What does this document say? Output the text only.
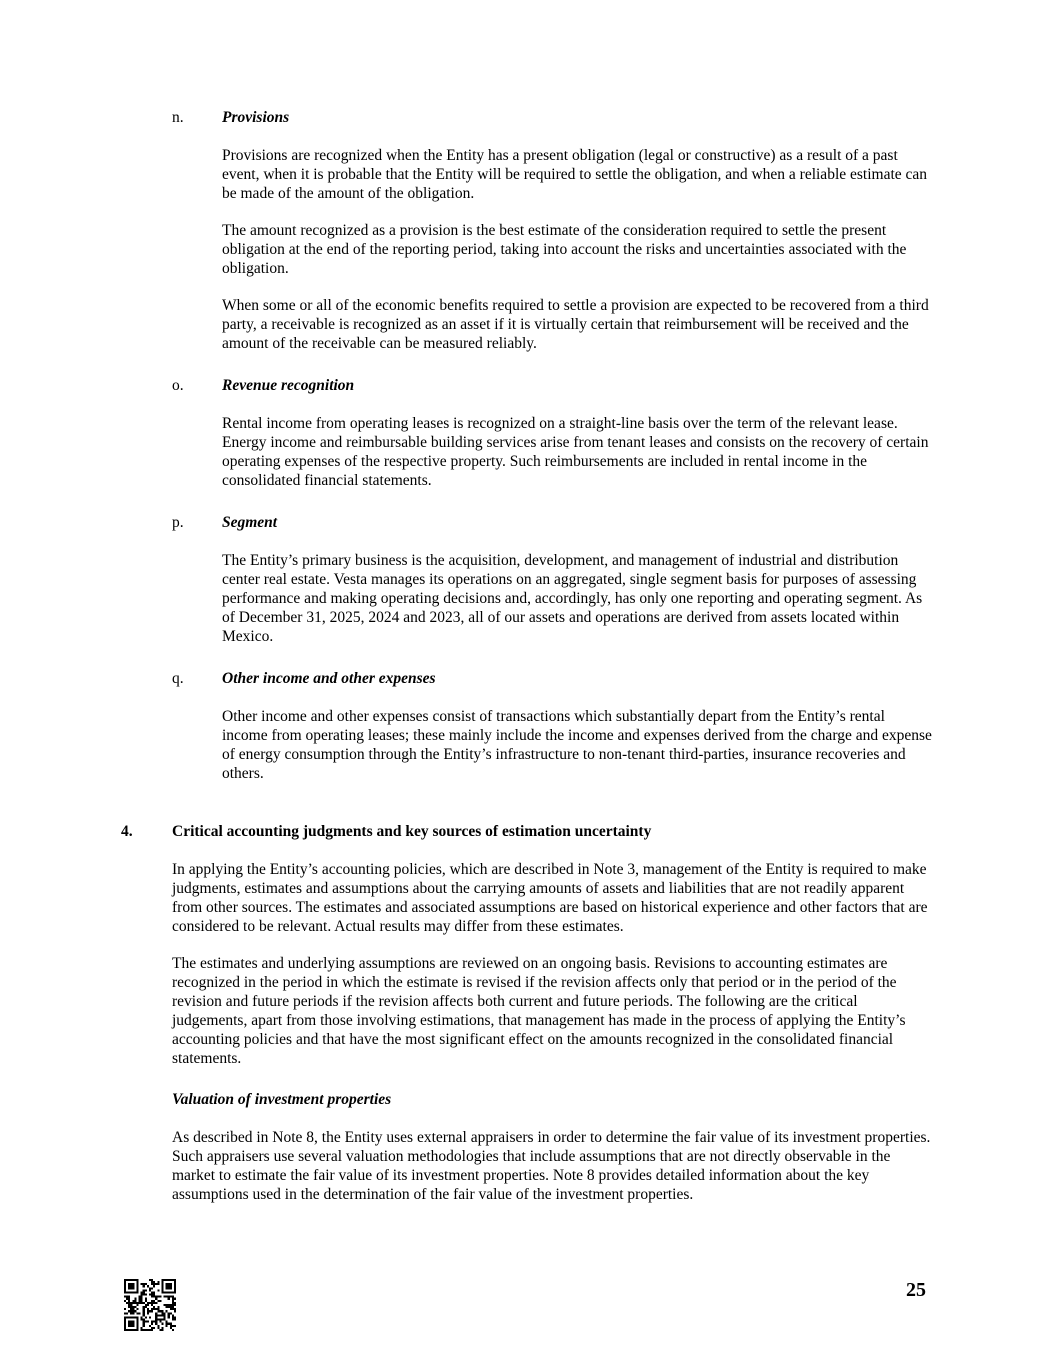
n.	Provisions

Provisions are recognized when the Entity has a present obligation (legal or constructive) as a result of a past event, when it is probable that the Entity will be required to settle the obligation, and when a reliable estimate can be made of the amount of the obligation.

The amount recognized as a provision is the best estimate of the consideration required to settle the present obligation at the end of the reporting period, taking into account the risks and uncertainties associated with the obligation.

When some or all of the economic benefits required to settle a provision are expected to be recovered from a third party, a receivable is recognized as an asset if it is virtually certain that reimbursement will be received and the amount of the receivable can be measured reliably.

o.	Revenue recognition

Rental income from operating leases is recognized on a straight-line basis over the term of the relevant lease. Energy income and reimbursable building services arise from tenant leases and consists on the recovery of certain operating expenses of the respective property. Such reimbursements are included in rental income in the consolidated financial statements.

p.	Segment

The Entity’s primary business is the acquisition, development, and management of industrial and distribution center real estate. Vesta manages its operations on an aggregated, single segment basis for purposes of assessing performance and making operating decisions and, accordingly, has only one reporting and operating segment. As of December 31, 2025, 2024 and 2023, all of our assets and operations are derived from assets located within Mexico.

q.	Other income and other expenses

Other income and other expenses consist of transactions which substantially depart from the Entity’s rental income from operating leases; these mainly include the income and expenses derived from the charge and expense of energy consumption through the Entity’s infrastructure to non-tenant third-parties, insurance recoveries and others.

4.	Critical accounting judgments and key sources of estimation uncertainty

In applying the Entity’s accounting policies, which are described in Note 3, management of the Entity is required to make judgments, estimates and assumptions about the carrying amounts of assets and liabilities that are not readily apparent from other sources. The estimates and associated assumptions are based on historical experience and other factors that are considered to be relevant. Actual results may differ from these estimates.

The estimates and underlying assumptions are reviewed on an ongoing basis. Revisions to accounting estimates are recognized in the period in which the estimate is revised if the revision affects only that period or in the period of the revision and future periods if the revision affects both current and future periods. The following are the critical judgements, apart from those involving estimations, that management has made in the process of applying the Entity’s accounting policies and that have the most significant effect on the amounts recognized in the consolidated financial statements.

Valuation of investment properties

As described in Note 8, the Entity uses external appraisers in order to determine the fair value of its investment properties. Such appraisers use several valuation methodologies that include assumptions that are not directly observable in the market to estimate the fair value of its investment properties. Note 8 provides detailed information about the key assumptions used in the determination of the fair value of the investment properties.

25
